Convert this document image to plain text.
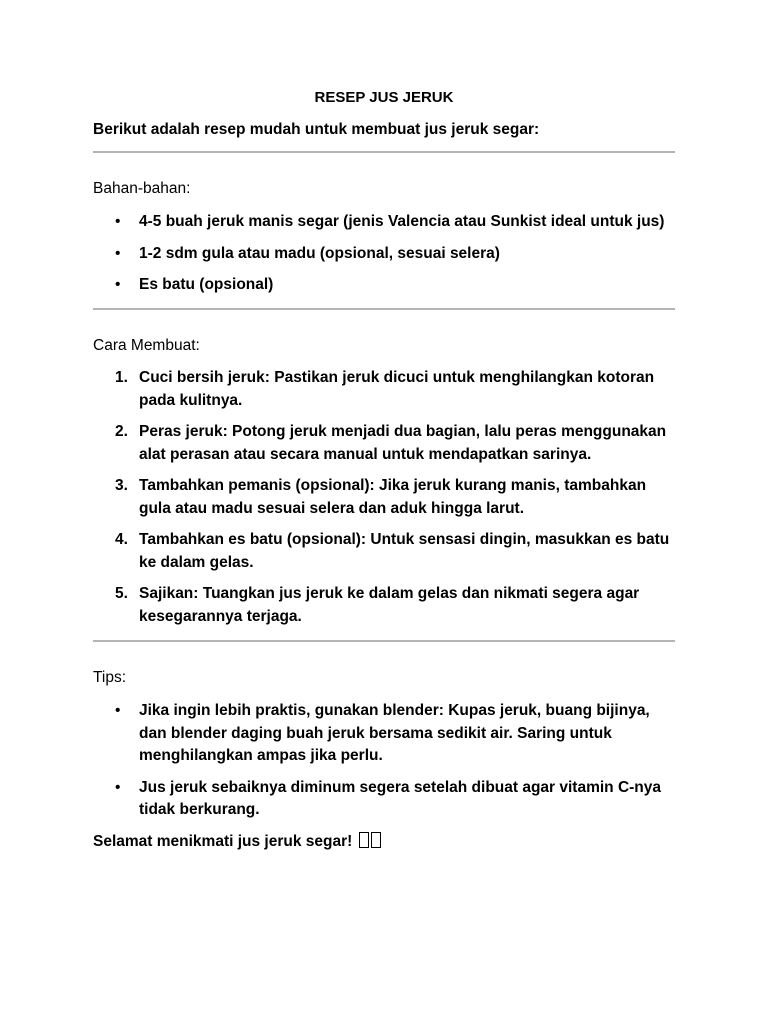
RESEP JUS JERUK

Berikut adalah resep mudah untuk membuat jus jeruk segar:

Bahan-bahan:

• 4-5 buah jeruk manis segar (jenis Valencia atau Sunkist ideal untuk jus)
• 1-2 sdm gula atau madu (opsional, sesuai selera)
• Es batu (opsional)

Cara Membuat:

1. Cuci bersih jeruk: Pastikan jeruk dicuci untuk menghilangkan kotoran pada kulitnya.
2. Peras jeruk: Potong jeruk menjadi dua bagian, lalu peras menggunakan alat perasan atau secara manual untuk mendapatkan sarinya.
3. Tambahkan pemanis (opsional): Jika jeruk kurang manis, tambahkan gula atau madu sesuai selera dan aduk hingga larut.
4. Tambahkan es batu (opsional): Untuk sensasi dingin, masukkan es batu ke dalam gelas.
5. Sajikan: Tuangkan jus jeruk ke dalam gelas dan nikmati segera agar kesegarannya terjaga.

Tips:

• Jika ingin lebih praktis, gunakan blender: Kupas jeruk, buang bijinya, dan blender daging buah jeruk bersama sedikit air. Saring untuk menghilangkan ampas jika perlu.
• Jus jeruk sebaiknya diminum segera setelah dibuat agar vitamin C-nya tidak berkurang.

Selamat menikmati jus jeruk segar!
